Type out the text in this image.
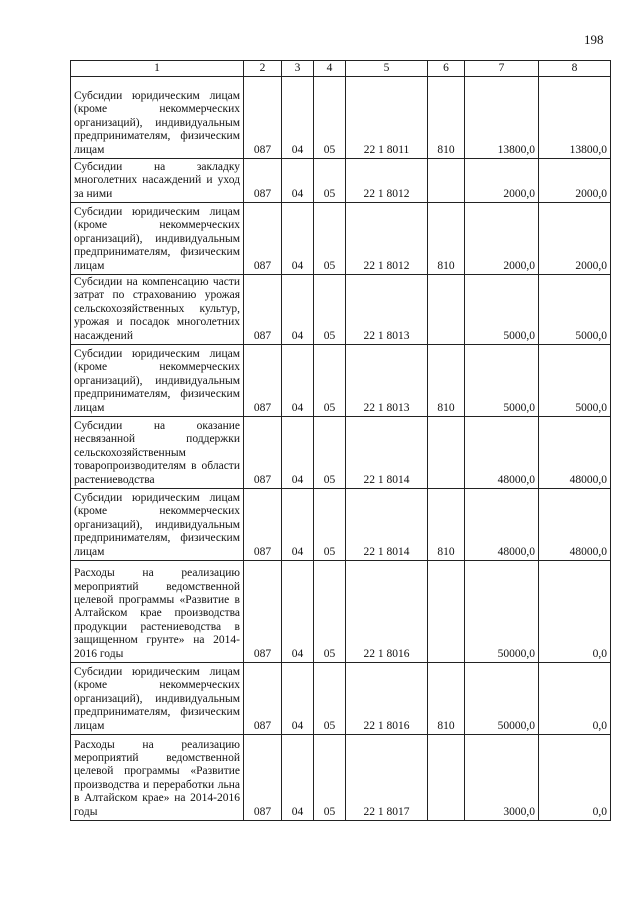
198
1	2	3	4	5	6	7	8
Субсидии юридическим лицам (кроме некоммерческих организаций), индивидуальным предпринимателям, физическим лицам	087	04	05	22 1 8011	810	13800,0	13800,0
Субсидии на закладку многолетних насаждений и уход за ними	087	04	05	22 1 8012		2000,0	2000,0
Субсидии юридическим лицам (кроме некоммерческих организаций), индивидуальным предпринимателям, физическим лицам	087	04	05	22 1 8012	810	2000,0	2000,0
Субсидии на компенсацию части затрат по страхованию урожая сельскохозяйственных культур, урожая и посадок многолетних насаждений	087	04	05	22 1 8013		5000,0	5000,0
Субсидии юридическим лицам (кроме некоммерческих организаций), индивидуальным предпринимателям, физическим лицам	087	04	05	22 1 8013	810	5000,0	5000,0
Субсидии на оказание несвязанной поддержки сельскохозяйственным товаропроизводителям в области растениеводства	087	04	05	22 1 8014		48000,0	48000,0
Субсидии юридическим лицам (кроме некоммерческих организаций), индивидуальным предпринимателям, физическим лицам	087	04	05	22 1 8014	810	48000,0	48000,0
Расходы на реализацию мероприятий ведомственной целевой программы «Развитие в Алтайском крае производства продукции растениеводства в защищенном грунте» на 2014-2016 годы	087	04	05	22 1 8016		50000,0	0,0
Субсидии юридическим лицам (кроме некоммерческих организаций), индивидуальным предпринимателям, физическим лицам	087	04	05	22 1 8016	810	50000,0	0,0
Расходы на реализацию мероприятий ведомственной целевой программы «Развитие производства и переработки льна в Алтайском крае» на 2014-2016 годы	087	04	05	22 1 8017		3000,0	0,0
